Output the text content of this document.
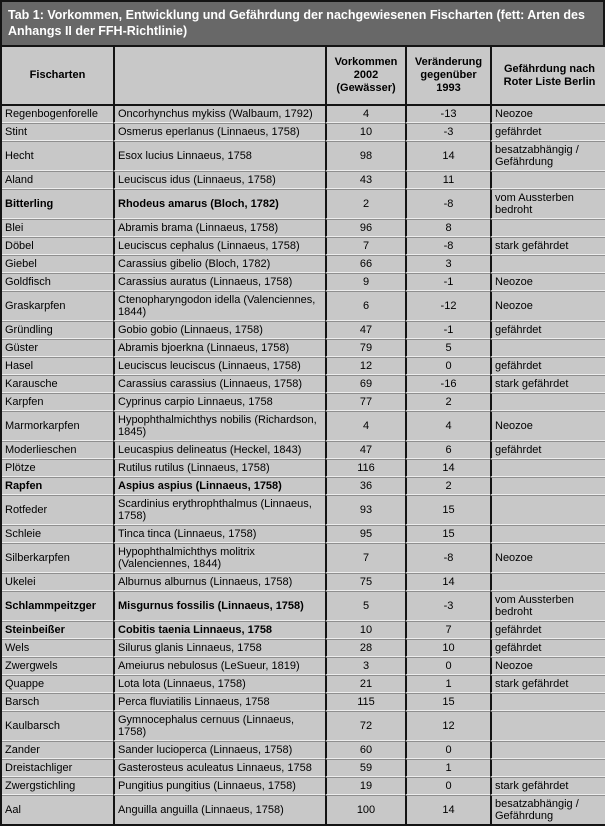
Tab 1: Vorkommen, Entwicklung und Gefährdung der nachgewiesenen Fischarten (fett: Arten des Anhangs II der FFH-Richtlinie)
Fischarten		Vorkommen 2002 (Gewässer)	Veränderung gegenüber 1993	Gefährdung nach Roter Liste Berlin
Regenbogenforelle	Oncorhynchus mykiss (Walbaum, 1792)	4	-13	Neozoe
Stint	Osmerus eperlanus (Linnaeus, 1758)	10	-3	gefährdet
Hecht	Esox lucius Linnaeus, 1758	98	14	besatzabhängig / Gefährdung
Aland	Leuciscus idus (Linnaeus, 1758)	43	11	
Bitterling	Rhodeus amarus (Bloch, 1782)	2	-8	vom Aussterben bedroht
Blei	Abramis brama (Linnaeus, 1758)	96	8	
Döbel	Leuciscus cephalus (Linnaeus, 1758)	7	-8	stark gefährdet
Giebel	Carassius gibelio (Bloch, 1782)	66	3	
Goldfisch	Carassius auratus (Linnaeus, 1758)	9	-1	Neozoe
Graskarpfen	Ctenopharyngodon idella (Valenciennes, 1844)	6	-12	Neozoe
Gründling	Gobio gobio (Linnaeus, 1758)	47	-1	gefährdet
Güster	Abramis bjoerkna (Linnaeus, 1758)	79	5	
Hasel	Leuciscus leuciscus (Linnaeus, 1758)	12	0	gefährdet
Karausche	Carassius carassius (Linnaeus, 1758)	69	-16	stark gefährdet
Karpfen	Cyprinus carpio Linnaeus, 1758	77	2	
Marmorkarpfen	Hypophthalmichthys nobilis (Richardson, 1845)	4	4	Neozoe
Moderlieschen	Leucaspius delineatus (Heckel, 1843)	47	6	gefährdet
Plötze	Rutilus rutilus (Linnaeus, 1758)	116	14	
Rapfen	Aspius aspius (Linnaeus, 1758)	36	2	
Rotfeder	Scardinius erythrophthalmus (Linnaeus, 1758)	93	15	
Schleie	Tinca tinca (Linnaeus, 1758)	95	15	
Silberkarpfen	Hypophthalmichthys molitrix (Valenciennes, 1844)	7	-8	Neozoe
Ukelei	Alburnus alburnus (Linnaeus, 1758)	75	14	
Schlammpeitzger	Misgurnus fossilis (Linnaeus, 1758)	5	-3	vom Aussterben bedroht
Steinbeißer	Cobitis taenia Linnaeus, 1758	10	7	gefährdet
Wels	Silurus glanis Linnaeus, 1758	28	10	gefährdet
Zwergwels	Ameiurus nebulosus (LeSueur, 1819)	3	0	Neozoe
Quappe	Lota lota (Linnaeus, 1758)	21	1	stark gefährdet
Barsch	Perca fluviatilis Linnaeus, 1758	115	15	
Kaulbarsch	Gymnocephalus cernuus (Linnaeus, 1758)	72	12	
Zander	Sander lucioperca (Linnaeus, 1758)	60	0	
Dreistachliger	Gasterosteus aculeatus Linnaeus, 1758	59	1	
Zwergstichling	Pungitius pungitius (Linnaeus, 1758)	19	0	stark gefährdet
Aal	Anguilla anguilla (Linnaeus, 1758)	100	14	besatzabhängig / Gefährdung
